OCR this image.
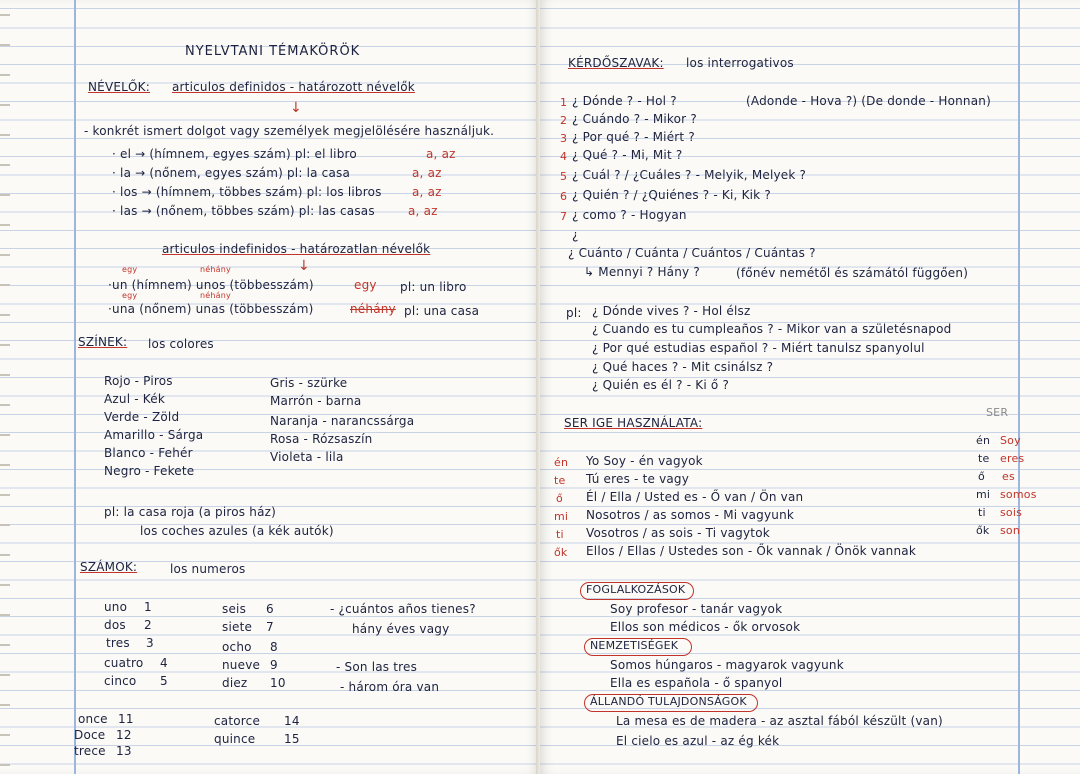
NYELVTANI TÉMAKÖRÖK
NÉVELŐK: articulos definidos - határozott névelők
↓
- konkrét ismert dolgot vagy személyek megjelölésére használjuk.
· el → (hímnem, egyes szám) pl: el libro	a, az
· la → (nőnem, egyes szám) pl: la casa	a, az
· los → (hímnem, többes szám) pl: los libros	a, az
· las → (nőnem, többes szám) pl: las casas	a, az
articulos indefinidos - határozatlan névelők
↓
egy	néhány
·un (hímnem) unos (többesszám)	egy pl: un libro
egy	néhány
·una (nőnem) unas (többesszám)	néhány pl: una casa
SZÍNEK: los colores
Rojo - Piros
Azul - Kék
Verde - Zöld
Amarillo - Sárga
Blanco - Fehér
Negro - Fekete
Gris - szürke
Marrón - barna
Naranja - narancssárga
Rosa - Rózsaszín
Violeta - lila
pl: la casa roja (a piros ház)
los coches azules (a kék autók)
SZÁMOK:	los numeros
uno 1
dos 2
tres 3
cuatro 4
cinco 5
seis 6
siete 7
ocho 8
nueve 9
diez 10
- ¿cuántos años tienes?
hány éves vagy
- Son las tres
- három óra van
once 11
Doce 12
trece 13
catorce 14
quince 15
KÉRDŐSZAVAK: los interrogativos
1 ¿ Dónde ? - Hol ?
2 ¿ Cuándo ? - Mikor ?
3 ¿ Por qué ? - Miért ?
4 ¿ Qué ? - Mi, Mit ?
5 ¿ Cuál ? / ¿Cuáles ? - Melyik, Melyek ?
6 ¿ Quién ? / ¿Quiénes ? - Ki, Kik ?
7 ¿ como ? - Hogyan
¿
(Adonde - Hova ?) (De donde - Honnan)
¿ Cuánto / Cuánta / Cuántos / Cuántas ?
↳ Mennyi ? Hány ?	(főnév nemétől és számától függően)
pl: ¿ Dónde vives ? - Hol élsz
¿ Cuando es tu cumpleaños ? - Mikor van a születésnapod
¿ Por qué estudias español ? - Miért tanulsz spanyolul
¿ Qué haces ? - Mit csinálsz ?
¿ Quién es él ? - Ki ő ?
SER IGE HASZNÁLATA:
SER
én Yo Soy - én vagyok
te Tú eres - te vagy
ő Él / Ella / Usted es - Ő van / Ön van
mi Nosotros / as somos - Mi vagyunk
ti Vosotros / as sois - Ti vagytok
ők Ellos / Ellas / Ustedes son - Ők vannak / Önök vannak
én Soy
te eres
ő es
mi somos
ti sois
ők son
FOGLALKOZÁSOK
Soy profesor - tanár vagyok
Ellos son médicos - ők orvosok
NEMZETISÉGEK
Somos húngaros - magyarok vagyunk
Ella es española - ő spanyol
ÁLLANDÓ TULAJDONSÁGOK
La mesa es de madera - az asztal fából készült (van)
El cielo es azul - az ég kék
